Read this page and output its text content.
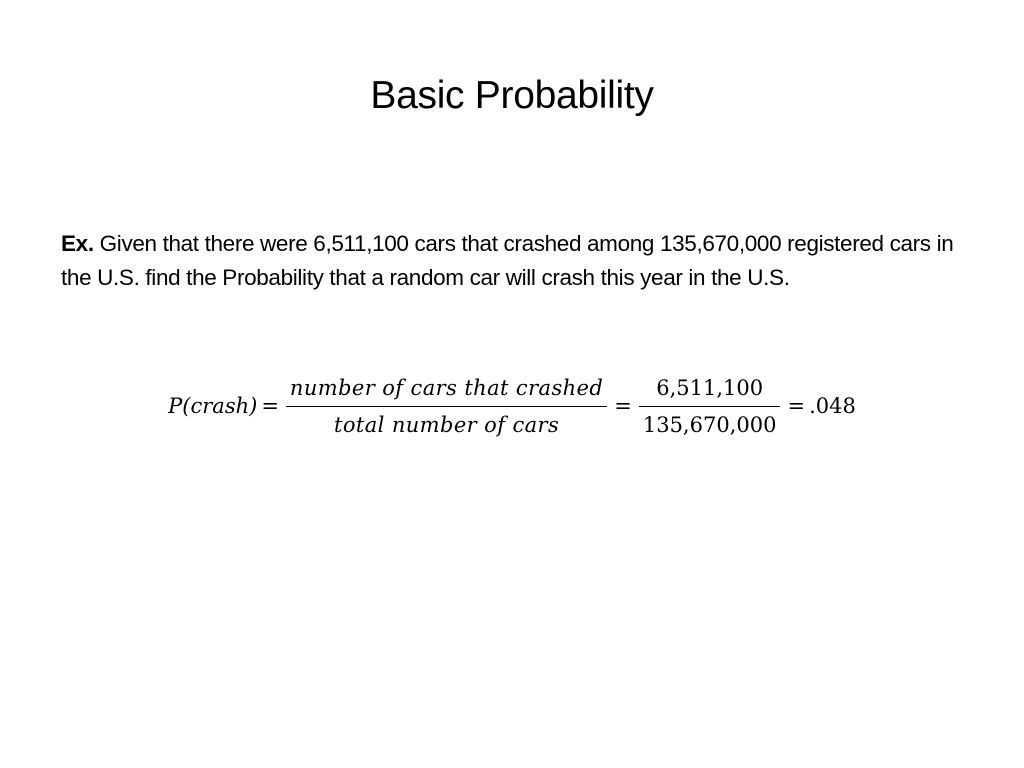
Basic Probability
Ex. Given that there were 6,511,100 cars that crashed among 135,670,000 registered cars in the U.S. find the Probability that a random car will crash this year in the U.S.
P(crash) = $\frac{\text{number of cars that crashed}}{\text{total number of cars}} = \frac{6,511,100}{135,670,000} = .048$
